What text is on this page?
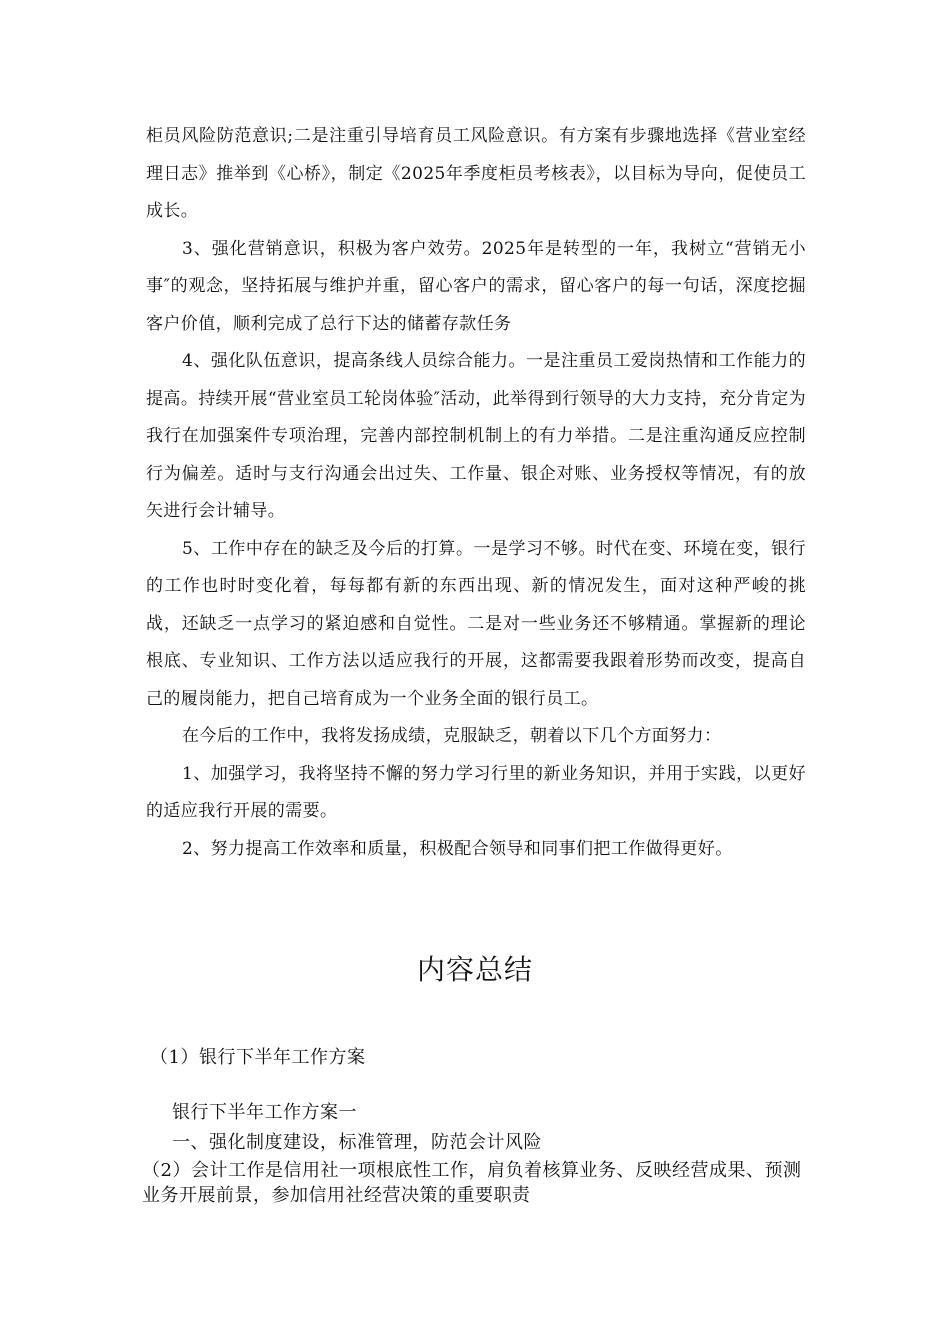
柜员风险防范意识;二是注重引导培育员工风险意识。有方案有步骤地选择《营业室经理日志》推举到《心桥》，制定《2025年季度柜员考核表》，以目标为导向，促使员工成长。

3、强化营销意识，积极为客户效劳。2025年是转型的一年，我树立“营销无小事″的观念，坚持拓展与维护并重，留心客户的需求，留心客户的每一句话，深度挖掘客户价值，顺利完成了总行下达的储蓄存款任务

4、强化队伍意识，提高条线人员综合能力。一是注重员工爱岗热情和工作能力的提高。持续开展“营业室员工轮岗体验″活动，此举得到行领导的大力支持，充分肯定为我行在加强案件专项治理，完善内部控制机制上的有力举措。二是注重沟通反应控制行为偏差。适时与支行沟通会出过失、工作量、银企对账、业务授权等情况，有的放矢进行会计辅导。

5、工作中存在的缺乏及今后的打算。一是学习不够。时代在变、环境在变，银行的工作也时时变化着，每每都有新的东西出现、新的情况发生，面对这种严峻的挑战，还缺乏一点学习的紧迫感和自觉性。二是对一些业务还不够精通。掌握新的理论根底、专业知识、工作方法以适应我行的开展，这都需要我跟着形势而改变，提高自己的履岗能力，把自己培育成为一个业务全面的银行员工。

在今后的工作中，我将发扬成绩，克服缺乏，朝着以下几个方面努力：

1、加强学习，我将坚持不懈的努力学习行里的新业务知识，并用于实践，以更好的适应我行开展的需要。

2、努力提高工作效率和质量，积极配合领导和同事们把工作做得更好。

内容总结

（1）银行下半年工作方案

银行下半年工作方案一

一、强化制度建设，标准管理，防范会计风险

（2）会计工作是信用社一项根底性工作，肩负着核算业务、反映经营成果、预测业务开展前景，参加信用社经营决策的重要职责
